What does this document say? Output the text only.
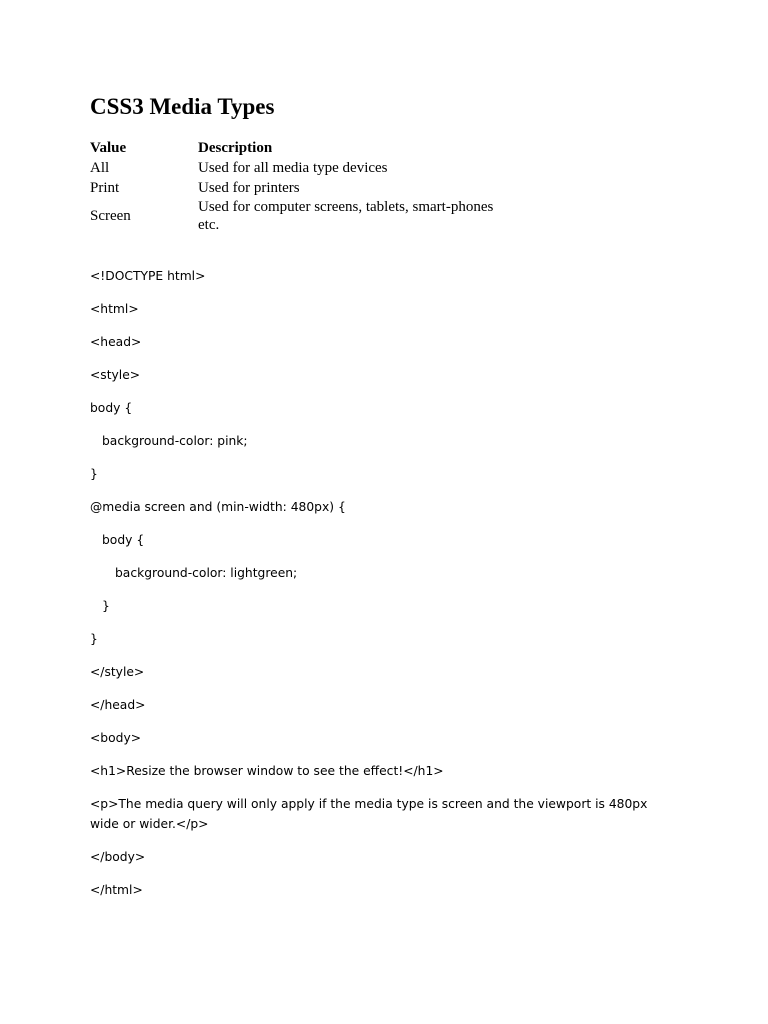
CSS3 Media Types
Value	Description
All	Used for all media type devices
Print	Used for printers
Screen	Used for computer screens, tablets, smart-phones etc.

<!DOCTYPE html>

<html>

<head>

<style>

body {

background-color: pink;

}

@media screen and (min-width: 480px) {

body {

background-color: lightgreen;

}

}

</style>

</head>

<body>

<h1>Resize the browser window to see the effect!</h1>

<p>The media query will only apply if the media type is screen and the viewport is 480px wide or wider.</p>

</body>

</html>
